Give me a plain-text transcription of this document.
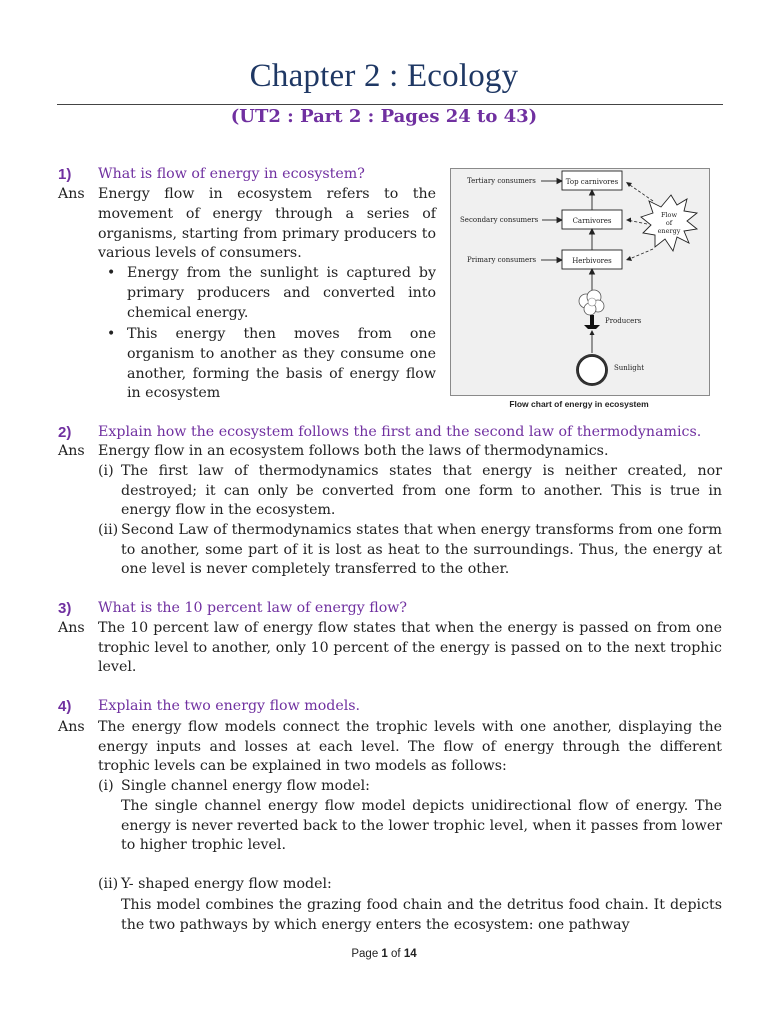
Chapter 2 : Ecology
(UT2 : Part 2 : Pages 24 to 43)
1) What is flow of energy in ecosystem?
Ans Energy flow in ecosystem refers to the movement of energy through a series of organisms, starting from primary producers to various levels of consumers.
• Energy from the sunlight is captured by primary producers and converted into chemical energy.
• This energy then moves from one organism to another as they consume one another, forming the basis of energy flow in ecosystem
Tertiary consumers
Secondary consumers
Primary consumers
Top carnivores
Carnivores
Herbivores
Flow
of
energy
Producers
Sunlight
Flow chart of energy in ecosystem
2) Explain how the ecosystem follows the first and the second law of thermodynamics.
Ans Energy flow in an ecosystem follows both the laws of thermodynamics.
(i) The first law of thermodynamics states that energy is neither created, nor destroyed; it can only be converted from one form to another. This is true in energy flow in the ecosystem.
(ii) Second Law of thermodynamics states that when energy transforms from one form to another, some part of it is lost as heat to the surroundings. Thus, the energy at one level is never completely transferred to the other.
3) What is the 10 percent law of energy flow?
Ans The 10 percent law of energy flow states that when the energy is passed on from one trophic level to another, only 10 percent of the energy is passed on to the next trophic level.
4) Explain the two energy flow models.
Ans The energy flow models connect the trophic levels with one another, displaying the energy inputs and losses at each level. The flow of energy through the different trophic levels can be explained in two models as follows:
(i) Single channel energy flow model:
The single channel energy flow model depicts unidirectional flow of energy. The energy is never reverted back to the lower trophic level, when it passes from lower to higher trophic level.
(ii) Y- shaped energy flow model:
This model combines the grazing food chain and the detritus food chain. It depicts the two pathways by which energy enters the ecosystem: one pathway
Page 1 of 14
